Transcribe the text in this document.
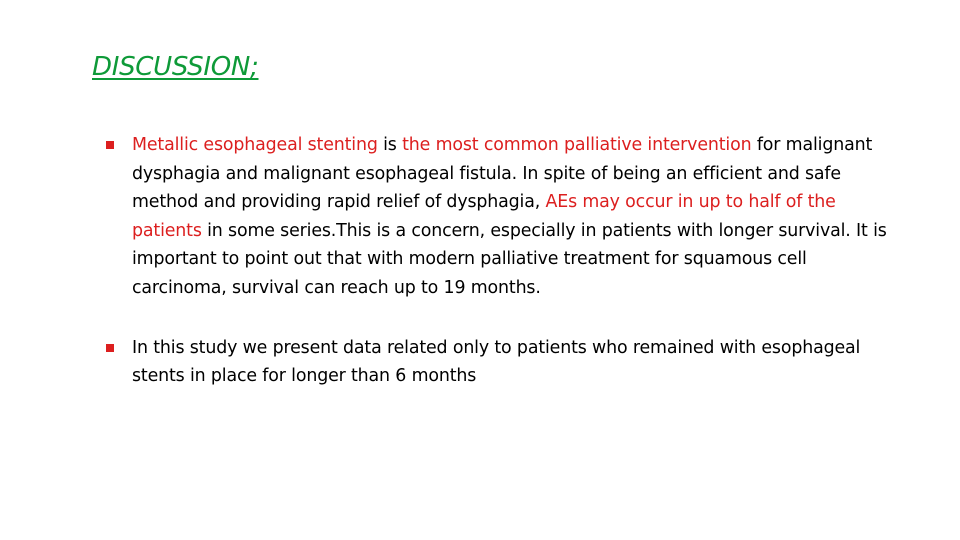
DISCUSSION;
Metallic esophageal stenting is the most common palliative intervention for malignant dysphagia and malignant esophageal fistula. In spite of being an efficient and safe method and providing rapid relief of dysphagia, AEs may occur in up to half of the patients in some series.This is a concern, especially in patients with longer survival. It is important to point out that with modern palliative treatment for squamous cell carcinoma, survival can reach up to 19 months.
In this study we present data related only to patients who remained with esophageal stents in place for longer than 6 months
